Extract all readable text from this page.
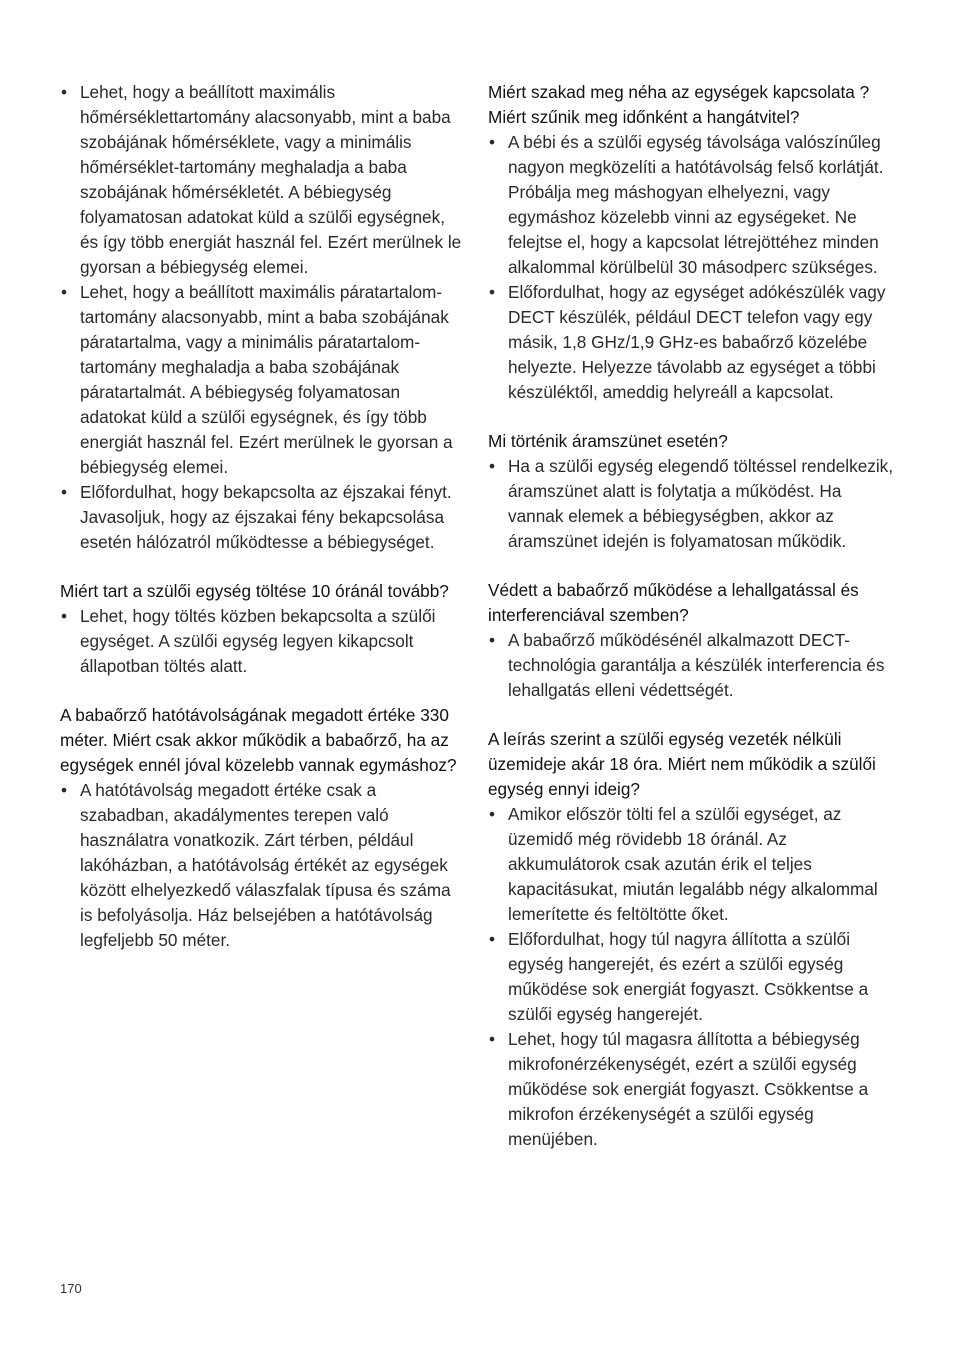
• Lehet, hogy a beállított maximális hőmérséklettartomány alacsonyabb, mint a baba szobájának hőmérséklete, vagy a minimális hőmérséklet-tartomány meghaladja a baba szobájának hőmérsékletét. A bébiegység folyamatosan adatokat küld a szülői egységnek, és így több energiát használ fel. Ezért merülnek le gyorsan a bébiegység elemei.
• Lehet, hogy a beállított maximális páratartalom-tartomány alacsonyabb, mint a baba szobájának páratartalma, vagy a minimális páratartalom-tartomány meghaladja a baba szobájának páratartalmát. A bébiegység folyamatosan adatokat küld a szülői egységnek, és így több energiát használ fel. Ezért merülnek le gyorsan a bébiegység elemei.
• Előfordulhat, hogy bekapcsolta az éjszakai fényt. Javasoljuk, hogy az éjszakai fény bekapcsolása esetén hálózatról működtesse a bébiegységet.

Miért tart a szülői egység töltése 10 óránál tovább?

• Lehet, hogy töltés közben bekapcsolta a szülői egységet. A szülői egység legyen kikapcsolt állapotban töltés alatt.

A babaőrző hatótávolságának megadott értéke 330 méter. Miért csak akkor működik a babaőrző, ha az egységek ennél jóval közelebb vannak egymáshoz?

• A hatótávolság megadott értéke csak a szabadban, akadálymentes terepen való használatra vonatkozik. Zárt térben, például lakóházban, a hatótávolság értékét az egységek között elhelyezkedő válaszfalak típusa és száma is befolyásolja. Ház belsejében a hatótávolság legfeljebb 50 méter.

Miért szakad meg néha az egységek kapcsolata ? Miért szűnik meg időnként a hangátvitel?

• A bébi és a szülői egység távolsága valószínűleg nagyon megközelíti a hatótávolság felső korlátját. Próbálja meg máshogyan elhelyezni, vagy egymáshoz közelebb vinni az egységeket. Ne felejtse el, hogy a kapcsolat létrejöttéhez minden alkalommal körülbelül 30 másodperc szükséges.
• Előfordulhat, hogy az egységet adókészülék vagy DECT készülék, például DECT telefon vagy egy másik, 1,8 GHz/1,9 GHz-es babaőrző közelébe helyezte. Helyezze távolabb az egységet a többi készüléktől, ameddig helyreáll a kapcsolat.

Mi történik áramszünet esetén?

• Ha a szülői egység elegendő töltéssel rendelkezik, áramszünet alatt is folytatja a működést. Ha vannak elemek a bébiegységben, akkor az áramszünet idején is folyamatosan működik.

Védett a babaőrző működése a lehallgatással és interferenciával szemben?

• A babaőrző működésénél alkalmazott DECT-technológia garantálja a készülék interferencia és lehallgatás elleni védettségét.

A leírás szerint a szülői egység vezeték nélküli üzemideje akár 18 óra. Miért nem működik a szülői egység ennyi ideig?

• Amikor először tölti fel a szülői egységet, az üzemidő még rövidebb 18 óránál. Az akkumulátorok csak azután érik el teljes kapacitásukat, miután legalább négy alkalommal lemerítette és feltöltötte őket.
• Előfordulhat, hogy túl nagyra állította a szülői egység hangerejét, és ezért a szülői egység működése sok energiát fogyaszt. Csökkentse a szülői egység hangerejét.
• Lehet, hogy túl magasra állította a bébiegység mikrofonérzékenységét, ezért a szülői egység működése sok energiát fogyaszt. Csökkentse a mikrofon érzékenységét a szülői egység menüjében.
170
